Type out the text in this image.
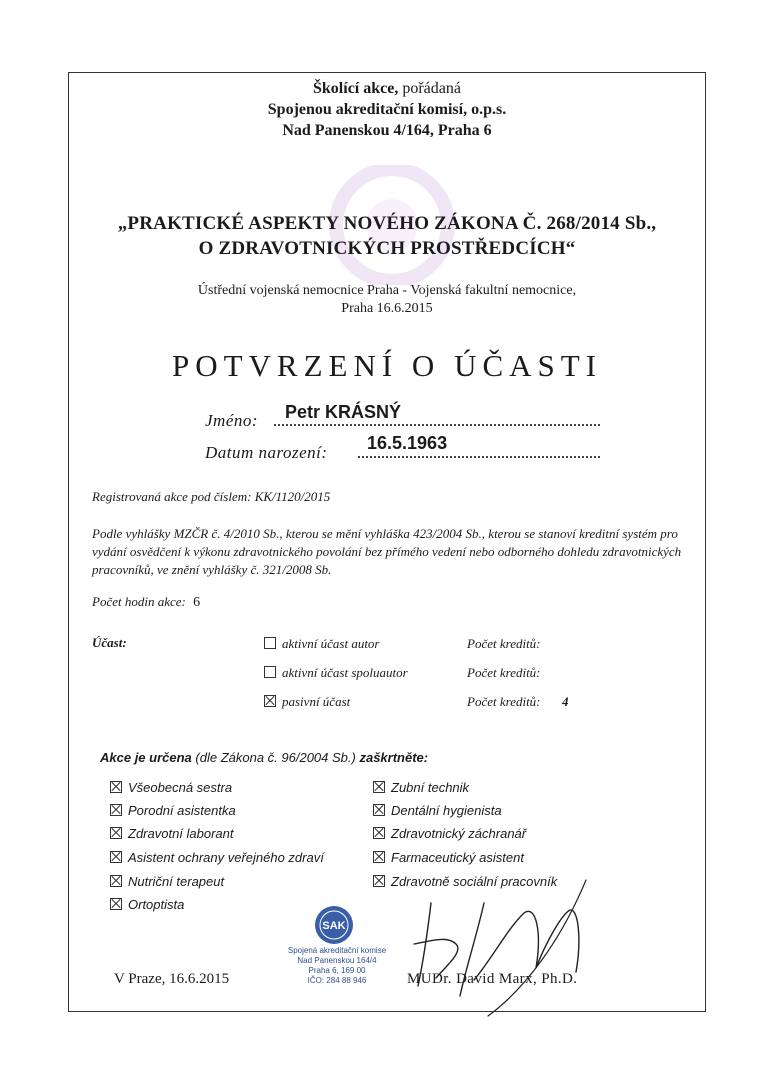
Školící akce, pořádaná
Spojenou akreditační komisí, o.p.s.
Nad Panenskou 4/164, Praha 6
„PRAKTICKÉ ASPEKTY NOVÉHO ZÁKONA Č. 268/2014 Sb.,
O ZDRAVOTNICKÝCH PROSTŘEDCÍCH“
Ústřední vojenská nemocnice Praha - Vojenská fakultní nemocnice,
Praha 16.6.2015
POTVRZENÍ O ÚČASTI
Jméno: Petr KRÁSNÝ
Datum narození: 16.5.1963
Registrovaná akce pod číslem: KK/1120/2015
Podle vyhlášky MZČR č. 4/2010 Sb., kterou se mění vyhláška 423/2004 Sb., kterou se stanoví kreditní systém pro vydání osvědčení k výkonu zdravotnického povolání bez přímého vedení nebo odborného dohledu zdravotnických pracovníků, ve znění vyhlášky č. 321/2008 Sb.
Počet hodin akce: 6
Účast:	aktivní účast autor	Počet kreditů:
aktivní účast spoluautor	Počet kreditů:
pasivní účast	Počet kreditů: 4
Akce je určena (dle Zákona č. 96/2004 Sb.) zaškrtněte:
Všeobecná sestra
Porodní asistentka
Zdravotní laborant
Asistent ochrany veřejného zdraví
Nutriční terapeut
Ortoptista
Zubní technik
Dentální hygienista
Zdravotnický záchranář
Farmaceutický asistent
Zdravotně sociální pracovník
SAK
Spojená akreditační komise
Nad Panenskou 164/4
Praha 6, 169 00
IČO: 284 88 946
V Praze, 16.6.2015	MUDr. David Marx, Ph.D.
